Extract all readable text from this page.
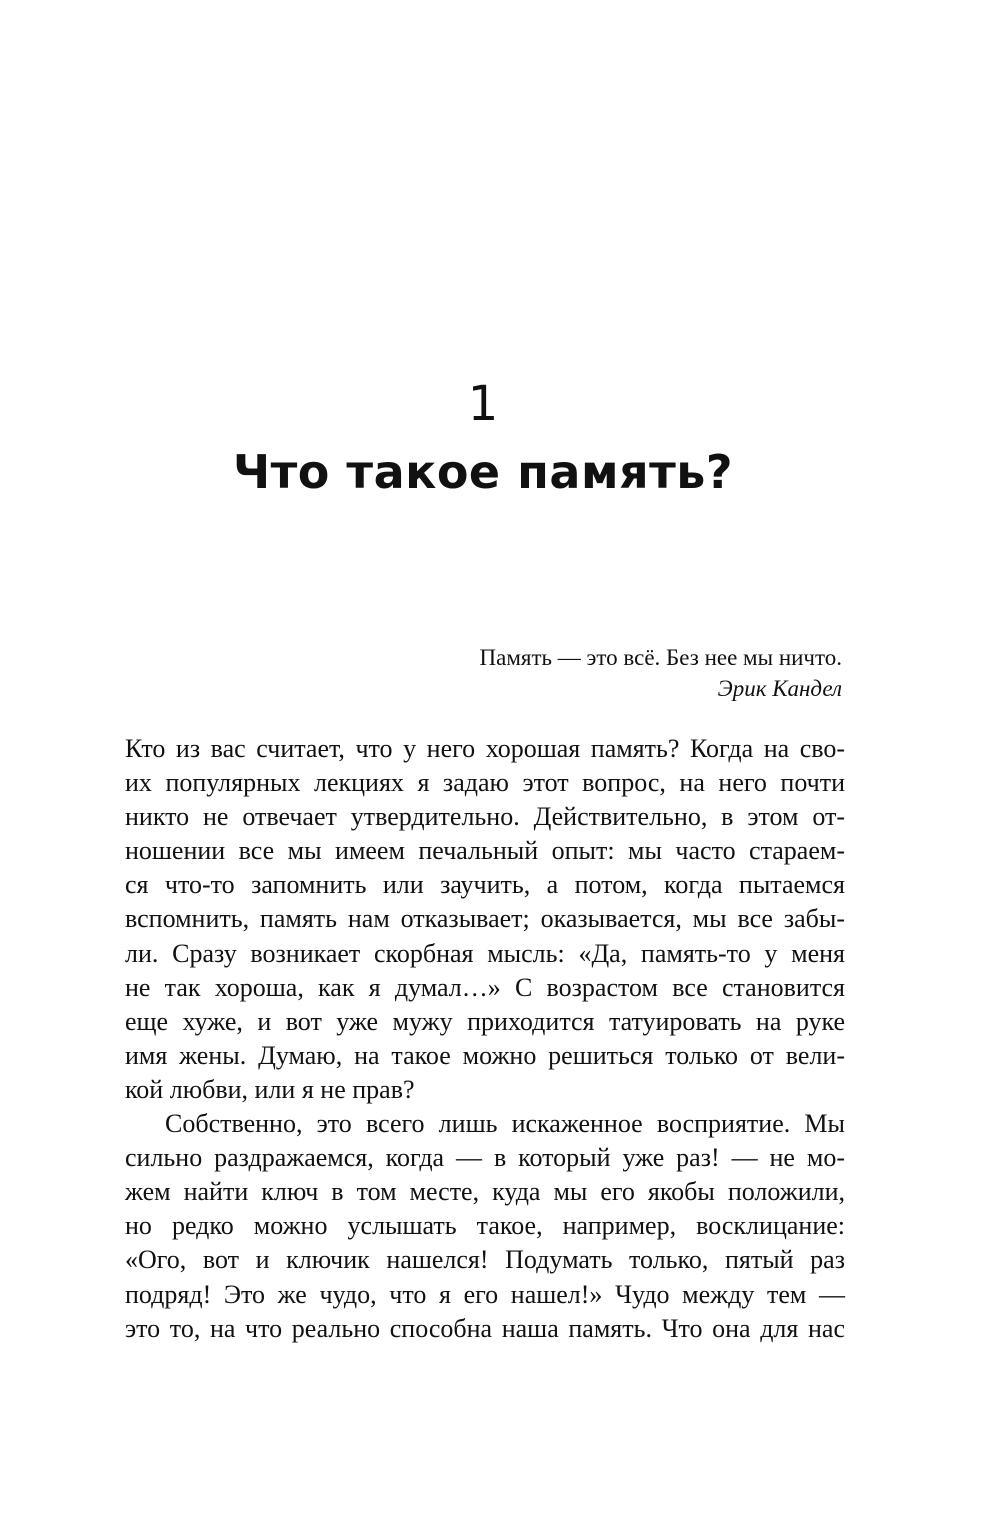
1
Что такое память?
Память — это всё. Без нее мы ничто.
Эрик Кандел
Кто из вас считает, что у него хорошая память? Когда на сво-
их популярных лекциях я задаю этот вопрос, на него почти
никто не отвечает утвердительно. Действительно, в этом от-
ношении все мы имеем печальный опыт: мы часто стараем-
ся что-то запомнить или заучить, а потом, когда пытаемся
вспомнить, память нам отказывает; оказывается, мы все забы-
ли. Сразу возникает скорбная мысль: «Да, память-то у меня
не так хороша, как я думал…» С возрастом все становится
еще хуже, и вот уже мужу приходится татуировать на руке
имя жены. Думаю, на такое можно решиться только от вели-
кой любви, или я не прав?
Собственно, это всего лишь искаженное восприятие. Мы
сильно раздражаемся, когда — в который уже раз! — не мо-
жем найти ключ в том месте, куда мы его якобы положили,
но редко можно услышать такое, например, восклицание:
«Ого, вот и ключик нашелся! Подумать только, пятый раз
подряд! Это же чудо, что я его нашел!» Чудо между тем —
это то, на что реально способна наша память. Что она для нас
